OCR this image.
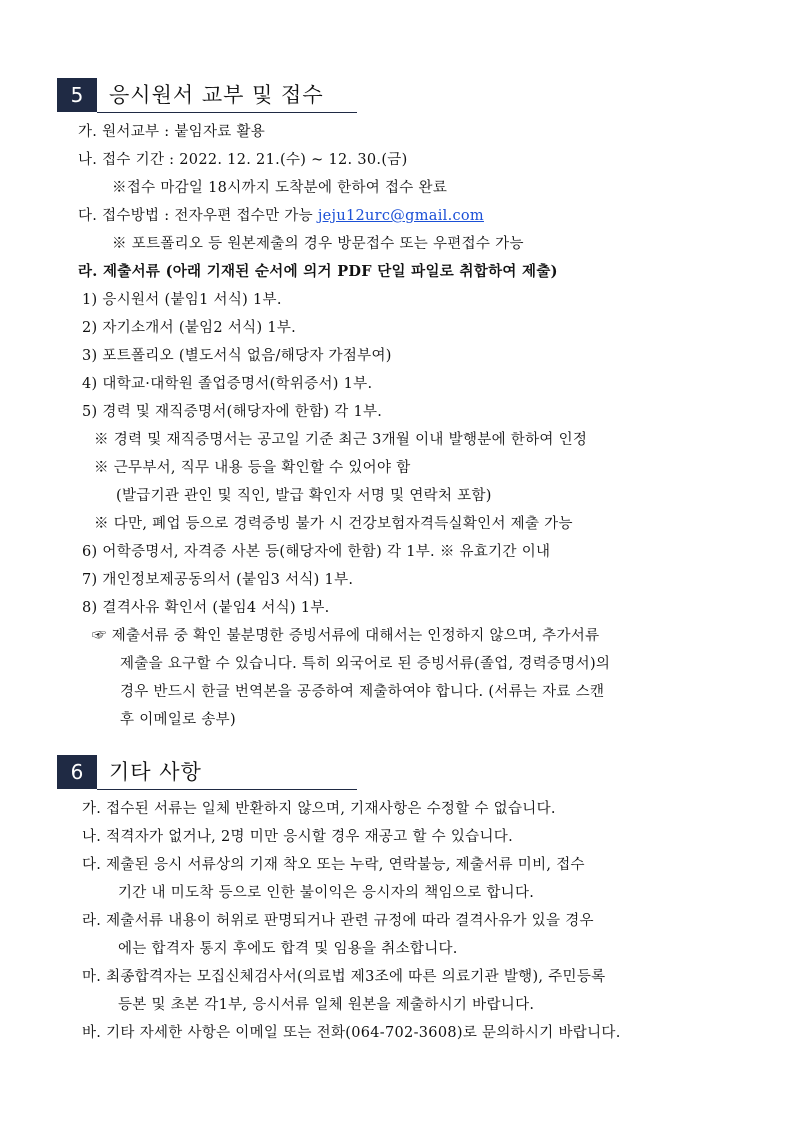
5	응시원서 교부 및 접수
가. 원서교부 : 붙임자료 활용
나. 접수 기간 : 2022. 12. 21.(수) ~ 12. 30.(금)
※접수 마감일 18시까지 도착분에 한하여 접수 완료
다. 접수방법 : 전자우편 접수만 가능 jeju12urc@gmail.com
※ 포트폴리오 등 원본제출의 경우 방문접수 또는 우편접수 가능
라. 제출서류 (아래 기재된 순서에 의거 PDF 단일 파일로 취합하여 제출)
1) 응시원서 (붙임1 서식) 1부.
2) 자기소개서 (붙임2 서식) 1부.
3) 포트폴리오 (별도서식 없음/해당자 가점부여)
4) 대학교·대학원 졸업증명서(학위증서) 1부.
5) 경력 및 재직증명서(해당자에 한함) 각 1부.
※ 경력 및 재직증명서는 공고일 기준 최근 3개월 이내 발행분에 한하여 인정
※ 근무부서, 직무 내용 등을 확인할 수 있어야 함
(발급기관 관인 및 직인, 발급 확인자 서명 및 연락처 포함)
※ 다만, 폐업 등으로 경력증빙 불가 시 건강보험자격득실확인서 제출 가능
6) 어학증명서, 자격증 사본 등(해당자에 한함) 각 1부. ※ 유효기간 이내
7) 개인정보제공동의서 (붙임3 서식) 1부.
8) 결격사유 확인서 (붙임4 서식) 1부.
☞ 제출서류 중 확인 불분명한 증빙서류에 대해서는 인정하지 않으며, 추가서류
제출을 요구할 수 있습니다. 특히 외국어로 된 증빙서류(졸업, 경력증명서)의
경우 반드시 한글 번역본을 공증하여 제출하여야 합니다. (서류는 자료 스캔
후 이메일로 송부)
6	기타 사항
가. 접수된 서류는 일체 반환하지 않으며, 기재사항은 수정할 수 없습니다.
나. 적격자가 없거나, 2명 미만 응시할 경우 재공고 할 수 있습니다.
다. 제출된 응시 서류상의 기재 착오 또는 누락, 연락불능, 제출서류 미비, 접수
기간 내 미도착 등으로 인한 불이익은 응시자의 책임으로 합니다.
라. 제출서류 내용이 허위로 판명되거나 관련 규정에 따라 결격사유가 있을 경우
에는 합격자 통지 후에도 합격 및 임용을 취소합니다.
마. 최종합격자는 모집신체검사서(의료법 제3조에 따른 의료기관 발행), 주민등록
등본 및 초본 각1부, 응시서류 일체 원본을 제출하시기 바랍니다.
바. 기타 자세한 사항은 이메일 또는 전화(064-702-3608)로 문의하시기 바랍니다.
